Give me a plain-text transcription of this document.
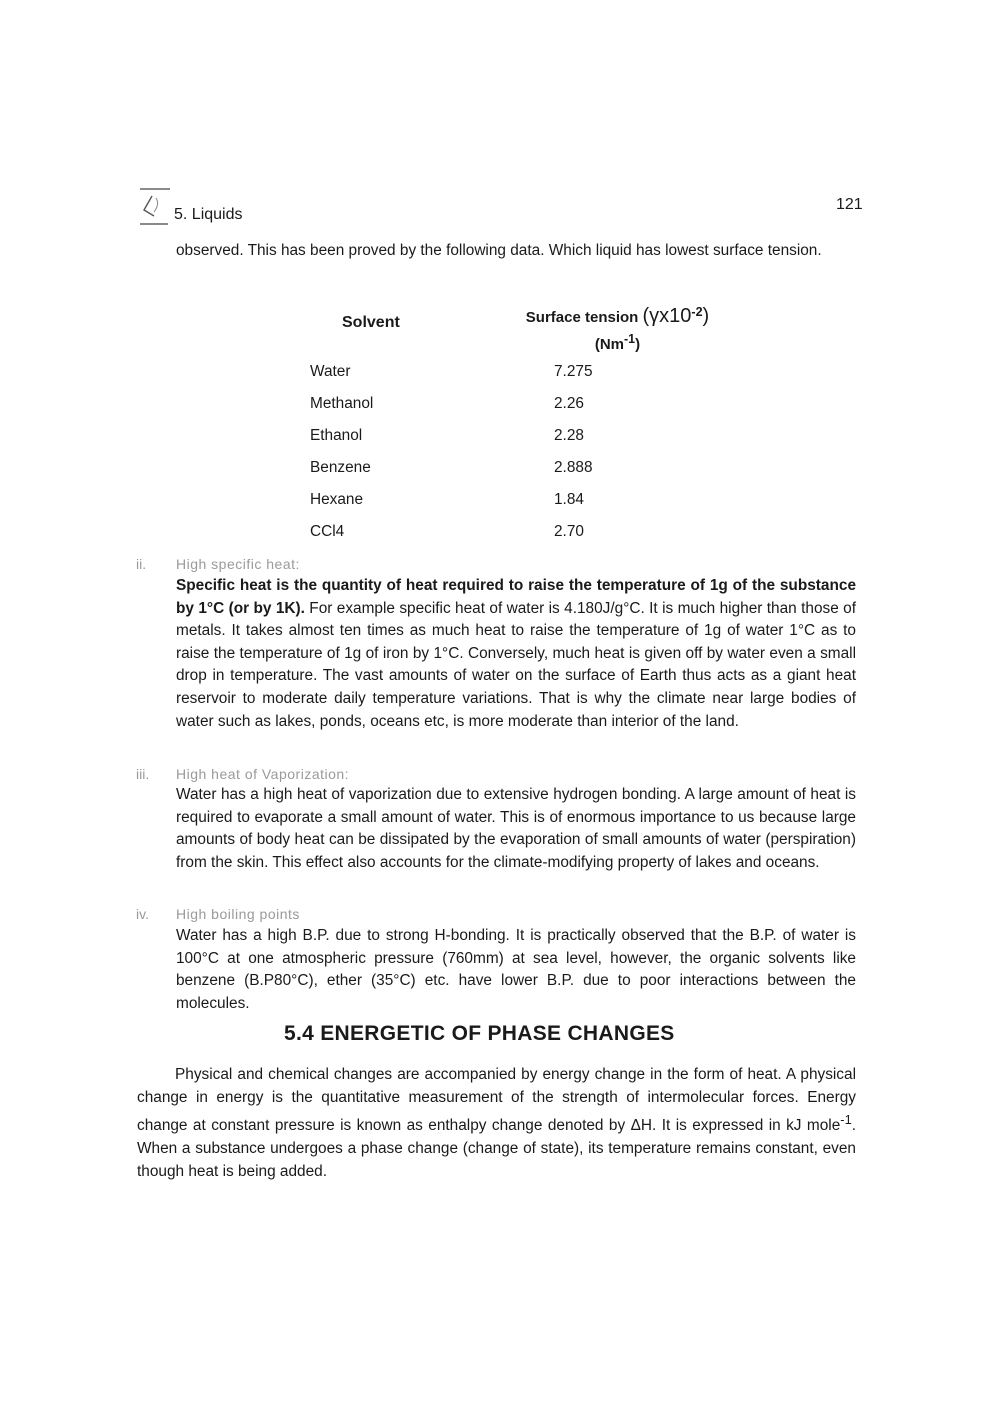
5. Liquids
121
observed. This has been proved by the following data. Which liquid has lowest surface tension.
Solvent	Surface tension $(\gamma x10^{-2})$
$(Nm^{-1})$
Water	7.275
Methanol	2.26
Ethanol	2.28
Benzene	2.888
Hexane	1.84
CCl4	2.70
ii. High specific heat:
Specific heat is the quantity of heat required to raise the temperature of 1g of the substance by 1°C (or by 1K). For example specific heat of water is 4.180J/g°C. It is much higher than those of metals. It takes almost ten times as much heat to raise the temperature of 1g of water 1°C as to raise the temperature of 1g of iron by 1°C. Conversely, much heat is given off by water even a small drop in temperature. The vast amounts of water on the surface of Earth thus acts as a giant heat reservoir to moderate daily temperature variations. That is why the climate near large bodies of water such as lakes, ponds, oceans etc, is more moderate than interior of the land.
iii. High heat of Vaporization:
Water has a high heat of vaporization due to extensive hydrogen bonding. A large amount of heat is required to evaporate a small amount of water. This is of enormous importance to us because large amounts of body heat can be dissipated by the evaporation of small amounts of water (perspiration) from the skin. This effect also accounts for the climate-modifying property of lakes and oceans.
iv. High boiling points
Water has a high B.P. due to strong H-bonding. It is practically observed that the B.P. of water is 100°C at one atmospheric pressure (760mm) at sea level, however, the organic solvents like benzene (B.P80°C), ether (35°C) etc. have lower B.P. due to poor interactions between the molecules.
5.4 ENERGETIC OF PHASE CHANGES
Physical and chemical changes are accompanied by energy change in the form of heat. A physical change in energy is the quantitative measurement of the strength of intermolecular forces. Energy change at constant pressure is known as enthalpy change denoted by ΔH. It is expressed in kJ mole$^{-1}$. When a substance undergoes a phase change (change of state), its temperature remains constant, even though heat is being added.
